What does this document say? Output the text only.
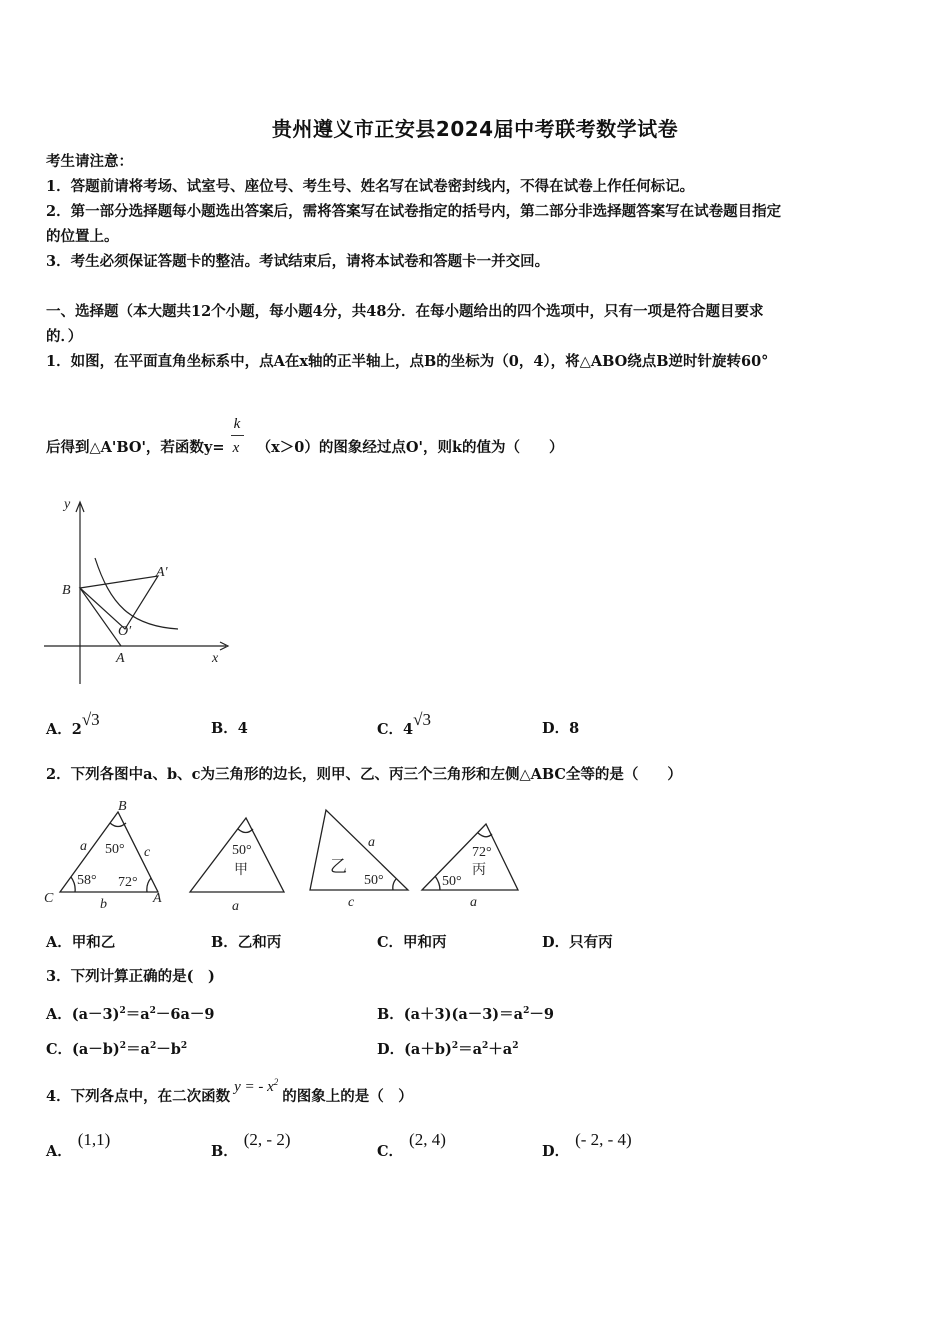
贵州遵义市正安县2024届中考联考数学试卷
考生请注意：
1．答题前请将考场、试室号、座位号、考生号、姓名写在试卷密封线内，不得在试卷上作任何标记。
2．第一部分选择题每小题选出答案后，需将答案写在试卷指定的括号内，第二部分非选择题答案写在试卷题目指定
的位置上。
3．考生必须保证答题卡的整洁。考试结束后，请将本试卷和答题卡一并交回。
一、选择题（本大题共12个小题，每小题4分，共48分．在每小题给出的四个选项中，只有一项是符合题目要求
的．）
1．如图，在平面直角坐标系中，点A在x轴的正半轴上，点B的坐标为（0，4），将△ABO绕点B逆时针旋转60°
后得到△A'BO'，若函数$y= \frac{k}{x} (x>0)$的图象经过点O'，则k的值为（　　）
y
x
B
A
A′
O′
A．2√3	B．4	C．4√3	D．8
2．下列各图中a、b、c为三角形的边长，则甲、乙、丙三个三角形和左侧△ABC全等的是（　　）
B
C	A
a	c
b
50°
58° 72°
50°
甲
a
乙
50°
a
c
72°
丙
50°
a
A．甲和乙	B．乙和丙	C．甲和丙	D．只有丙
3．下列计算正确的是(　)
A．$(a-3)^2=a^2-6a-9$	B．$(a+3)(a-3)=a^2-9$
C．$(a-b)^2=a^2-b^2$	D．$(a+b)^2=a^2+a^2$
4．下列各点中，在二次函数y = - $x^2$的图象上的是（　）
A．(1,1)
B．(2, - 2)
C．(2, 4)
D．(- 2, - 4)
